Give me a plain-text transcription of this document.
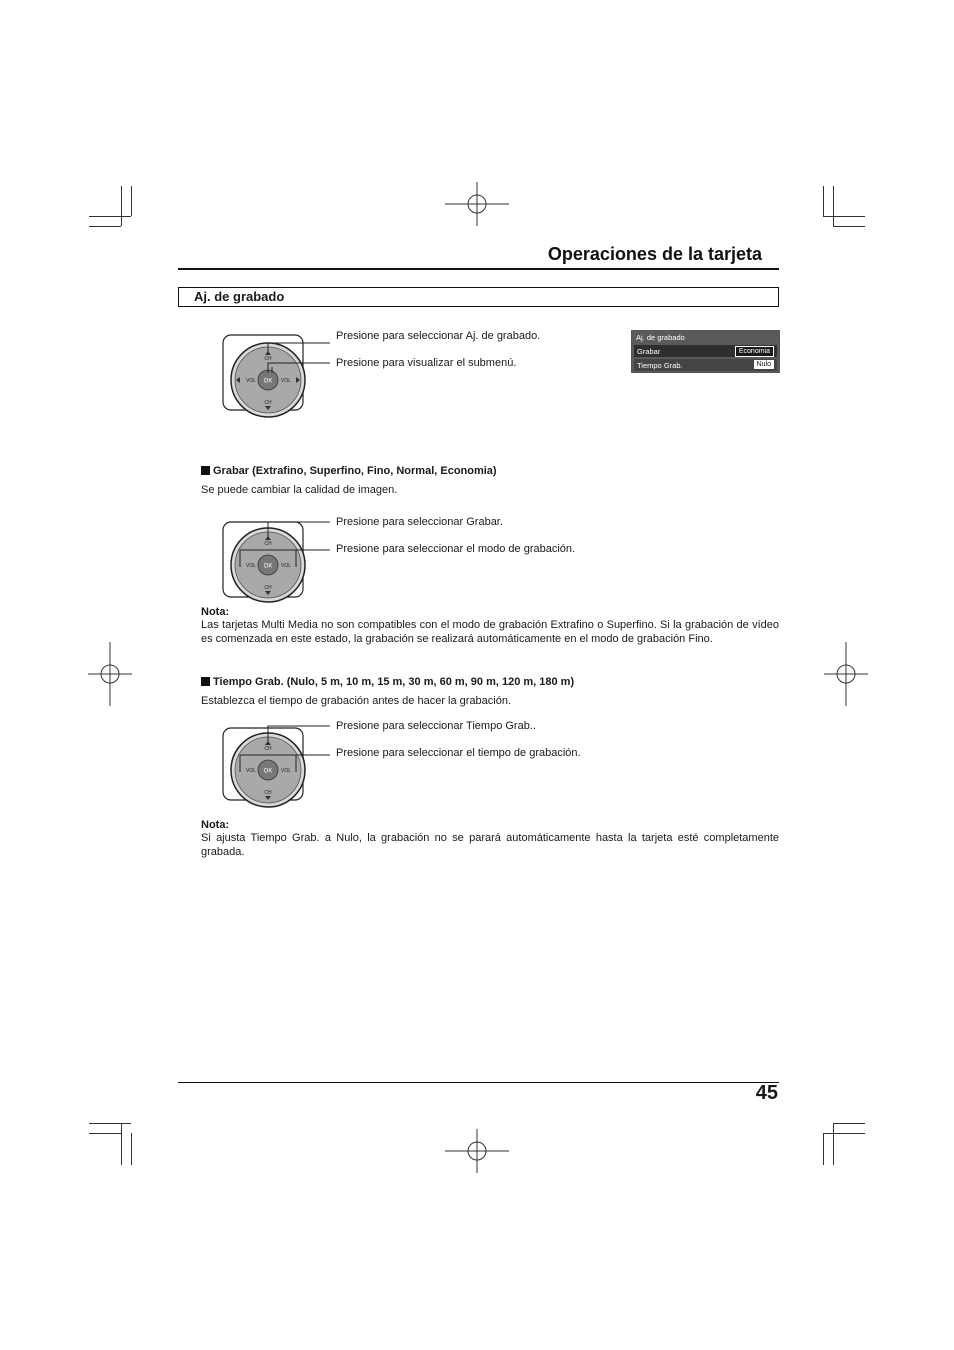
Operaciones de la tarjeta
Aj. de grabado
OK
CH
CH
VOL	VOL
Presione para seleccionar Aj. de grabado.
Presione para visualizar el submenú.
Aj. de grabado
Grabar	Economia
Tiempo Grab.	Nulo
Grabar (Extrafino, Superfino, Fino, Normal, Economia)
Se puede cambiar la calidad de imagen.
OK
CH
CH
VOL	VOL
Presione para seleccionar Grabar.
Presione para seleccionar el modo de grabación.
Nota:
Las tarjetas Multi Media no son compatibles con el modo de grabación Extrafino o Superfino. Si la grabación de vídeo es comenzada en este estado, la grabación se realizará automáticamente en el modo de grabación Fino.
Tiempo Grab. (Nulo, 5 m, 10 m, 15 m, 30 m, 60 m, 90 m, 120 m, 180 m)
Establezca el tiempo de grabación antes de hacer la grabación.
OK
CH
CH
VOL	VOL
Presione para seleccionar Tiempo Grab..
Presione para seleccionar el tiempo de grabación.
Nota:
Si ajusta Tiempo Grab. a Nulo, la grabación no se parará automáticamente hasta la tarjeta esté completamente grabada.
45
